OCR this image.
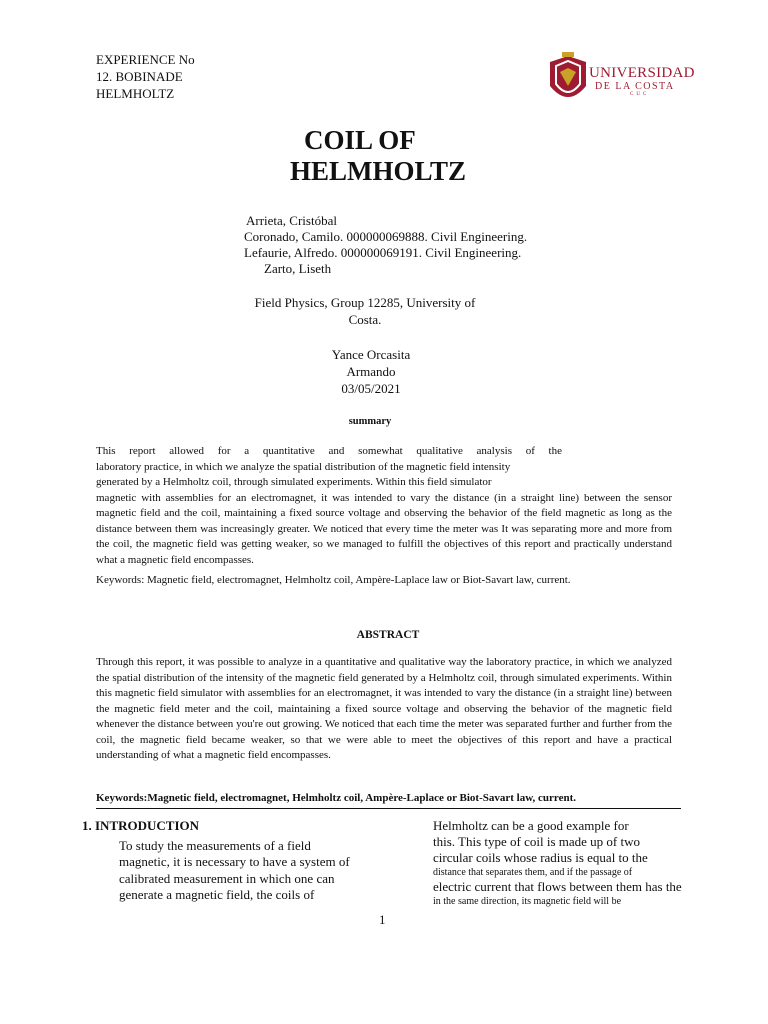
EXPERIENCE No
12. BOBINADE
HELMHOLTZ	CUC
UNIVERSIDAD
DE LA COSTA
COIL OF
HELMHOLTZ
Arrieta, Cristóbal
Coronado, Camilo. 000000069888. Civil Engineering.
Lefaurie, Alfredo. 000000069191. Civil Engineering.
Zarto, Liseth
Field Physics, Group 12285, University of
Costa.
Yance Orcasita
Armando
03/05/2021
summary
This report allowed for a quantitative and somewhat qualitative analysis of the
laboratory practice, in which we analyze the spatial distribution of the magnetic field intensity
generated by a Helmholtz coil, through simulated experiments. Within this field simulator
magnetic with assemblies for an electromagnet, it was intended to vary the distance (in a straight line) between the sensor magnetic field and the coil, maintaining a fixed source voltage and observing the behavior of the field magnetic as long as the distance between them was increasingly greater. We noticed that every time the meter was It was separating more and more from the coil, the magnetic field was getting weaker, so we managed to fulfill the objectives of this report and practically understand what a magnetic field encompasses.
Keywords: Magnetic field, electromagnet, Helmholtz coil, Ampère-Laplace law or Biot-Savart law, current.
ABSTRACT
Through this report, it was possible to analyze in a quantitative and qualitative way the laboratory practice, in which we analyzed the spatial distribution of the intensity of the magnetic field generated by a Helmholtz coil, through simulated experiments. Within this magnetic field simulator with assemblies for an electromagnet, it was intended to vary the distance (in a straight line) between the magnetic field meter and the coil, maintaining a fixed source voltage and observing the behavior of the magnetic field whenever the distance between you're out growing. We noticed that each time the meter was separated further and further from the coil, the magnetic field became weaker, so that we were able to meet the objectives of this report and have a practical understanding of what a magnetic field encompasses.
Keywords:Magnetic field, electromagnet, Helmholtz coil, Ampère-Laplace or Biot-Savart law, current.
1. INTRODUCTION
To study the measurements of a field
magnetic, it is necessary to have a system of
calibrated measurement in which one can
generate a magnetic field, the coils of
Helmholtz can be a good example for
this. This type of coil is made up of two
circular coils whose radius is equal to the
distance that separates them, and if the passage of
electric current that flows between them has the
in the same direction, its magnetic field will be
1
